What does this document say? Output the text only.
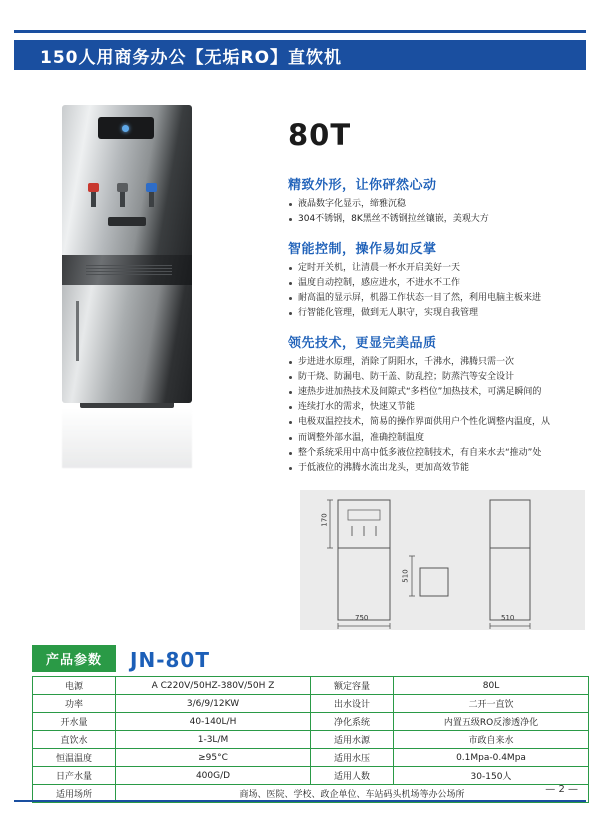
150人用商务办公【无垢RO】直饮机
80T
精致外形，让你砰然心动
液晶数字化显示，缔雅沉稳
304不锈钢，8K黑丝不锈钢拉丝镶嵌，美观大方
智能控制，操作易如反掌
定时开关机，让清晨一杯水开启美好一天
温度自动控制，感应进水，不进水不工作
耐高温的显示屏，机器工作状态一目了然，利用电脑主板来进
行智能化管理，做到无人职守，实现自我管理
领先技术，更显完美品质
步进进水原理，消除了阴阳水，千沸水，沸腾只需一次
防干烧、防漏电、防干盖、防乱控；防蒸汽等安全设计
速热步进加热技术及间隙式“多档位”加热技术，可满足瞬间的
连续打水的需求，快速又节能
电极双温控技术，简易的操作界面供用户个性化调整内温度，从
而调整外部水温，准确控制温度
整个系统采用中高中低多液位控制技术，有自来水去“推动”处
于低液位的沸腾水流出龙头，更加高效节能
170
750
510
510
产品参数	JN-80T
电源	A C220V/50HZ-380V/50H Z	额定容量	80L
功率	3/6/9/12KW	出水设计	二开一直饮
开水量	40-140L/H	净化系统	内置五级RO反渗透净化
直饮水	1-3L/M	适用水源	市政自来水
恒温温度	≥95°C	适用水压	0.1Mpa-0.4Mpa
日产水量	400G/D	适用人数	30-150人
适用场所	商场、医院、学校、政企单位、车站码头机场等办公场所			— 2 —
